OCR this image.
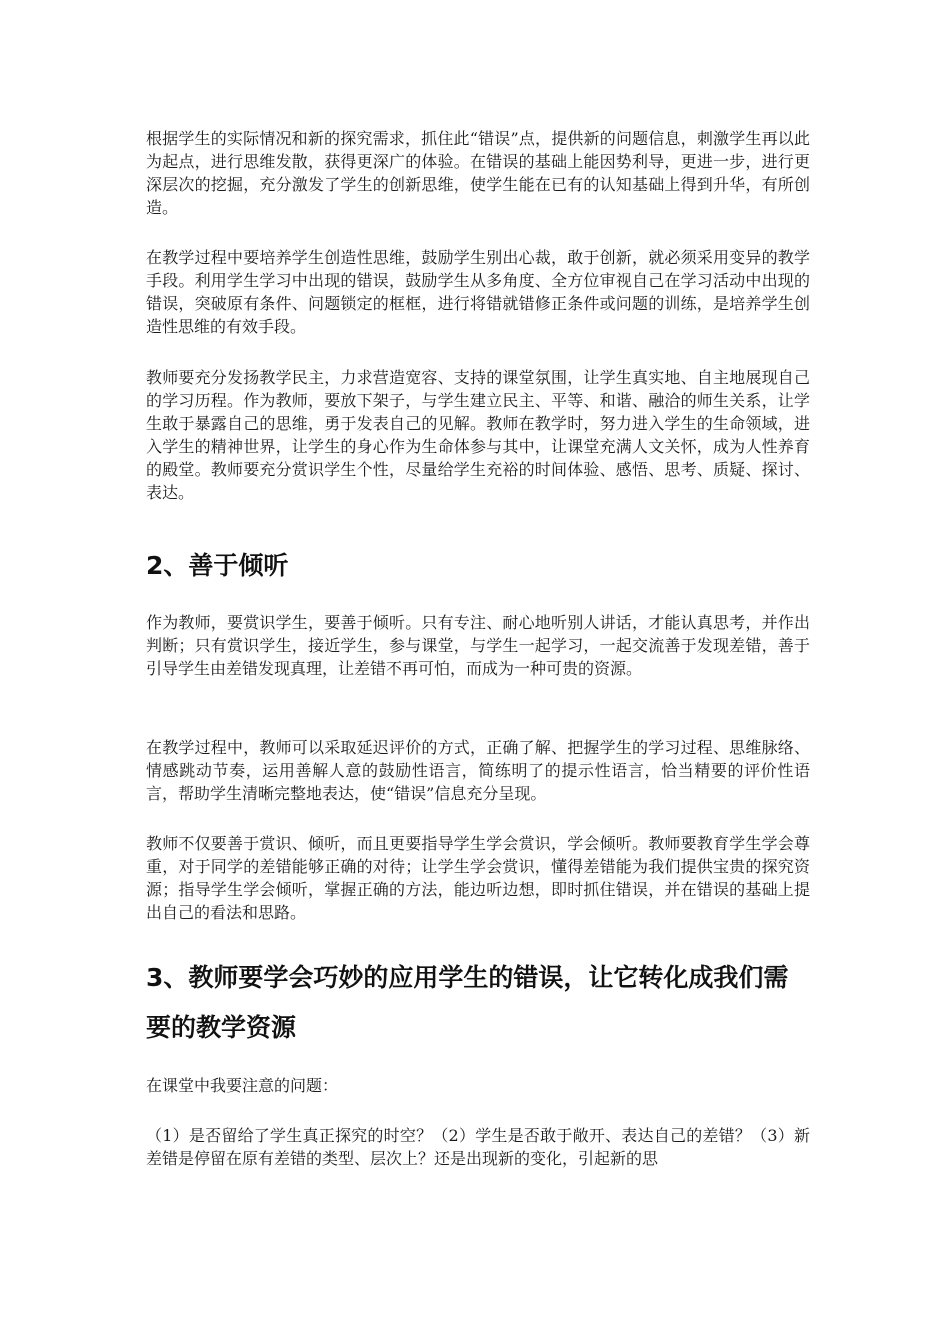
根据学生的实际情况和新的探究需求，抓住此“错误”点，提供新的问题信息，刺激学生再以此为起点，进行思维发散，获得更深广的体验。在错误的基础上能因势利导，更进一步，进行更深层次的挖掘，充分激发了学生的创新思维，使学生能在已有的认知基础上得到升华，有所创造。

在教学过程中要培养学生创造性思维，鼓励学生别出心裁，敢于创新，就必须采用变异的教学手段。利用学生学习中出现的错误，鼓励学生从多角度、全方位审视自己在学习活动中出现的错误，突破原有条件、问题锁定的框框，进行将错就错修正条件或问题的训练，是培养学生创造性思维的有效手段。

教师要充分发扬教学民主，力求营造宽容、支持的课堂氛围，让学生真实地、自主地展现自己的学习历程。作为教师，要放下架子，与学生建立民主、平等、和谐、融洽的师生关系，让学生敢于暴露自己的思维，勇于发表自己的见解。教师在教学时，努力进入学生的生命领域，进入学生的精神世界，让学生的身心作为生命体参与其中，让课堂充满人文关怀，成为人性养育的殿堂。教师要充分赏识学生个性，尽量给学生充裕的时间体验、感悟、思考、质疑、探讨、表达。

2、善于倾听

作为教师，要赏识学生，要善于倾听。只有专注、耐心地听别人讲话，才能认真思考，并作出判断；只有赏识学生，接近学生，参与课堂，与学生一起学习，一起交流善于发现差错，善于引导学生由差错发现真理，让差错不再可怕，而成为一种可贵的资源。

在教学过程中，教师可以采取延迟评价的方式，正确了解、把握学生的学习过程、思维脉络、情感跳动节奏，运用善解人意的鼓励性语言，简练明了的提示性语言，恰当精要的评价性语言，帮助学生清晰完整地表达，使“错误”信息充分呈现。

教师不仅要善于赏识、倾听，而且更要指导学生学会赏识，学会倾听。教师要教育学生学会尊重，对于同学的差错能够正确的对待；让学生学会赏识，懂得差错能为我们提供宝贵的探究资源；指导学生学会倾听，掌握正确的方法，能边听边想，即时抓住错误，并在错误的基础上提出自己的看法和思路。

3、教师要学会巧妙的应用学生的错误，让它转化成我们需要的教学资源

在课堂中我要注意的问题：

（1）是否留给了学生真正探究的时空？（2）学生是否敢于敞开、表达自己的差错？（3）新差错是停留在原有差错的类型、层次上？还是出现新的变化，引起新的思
